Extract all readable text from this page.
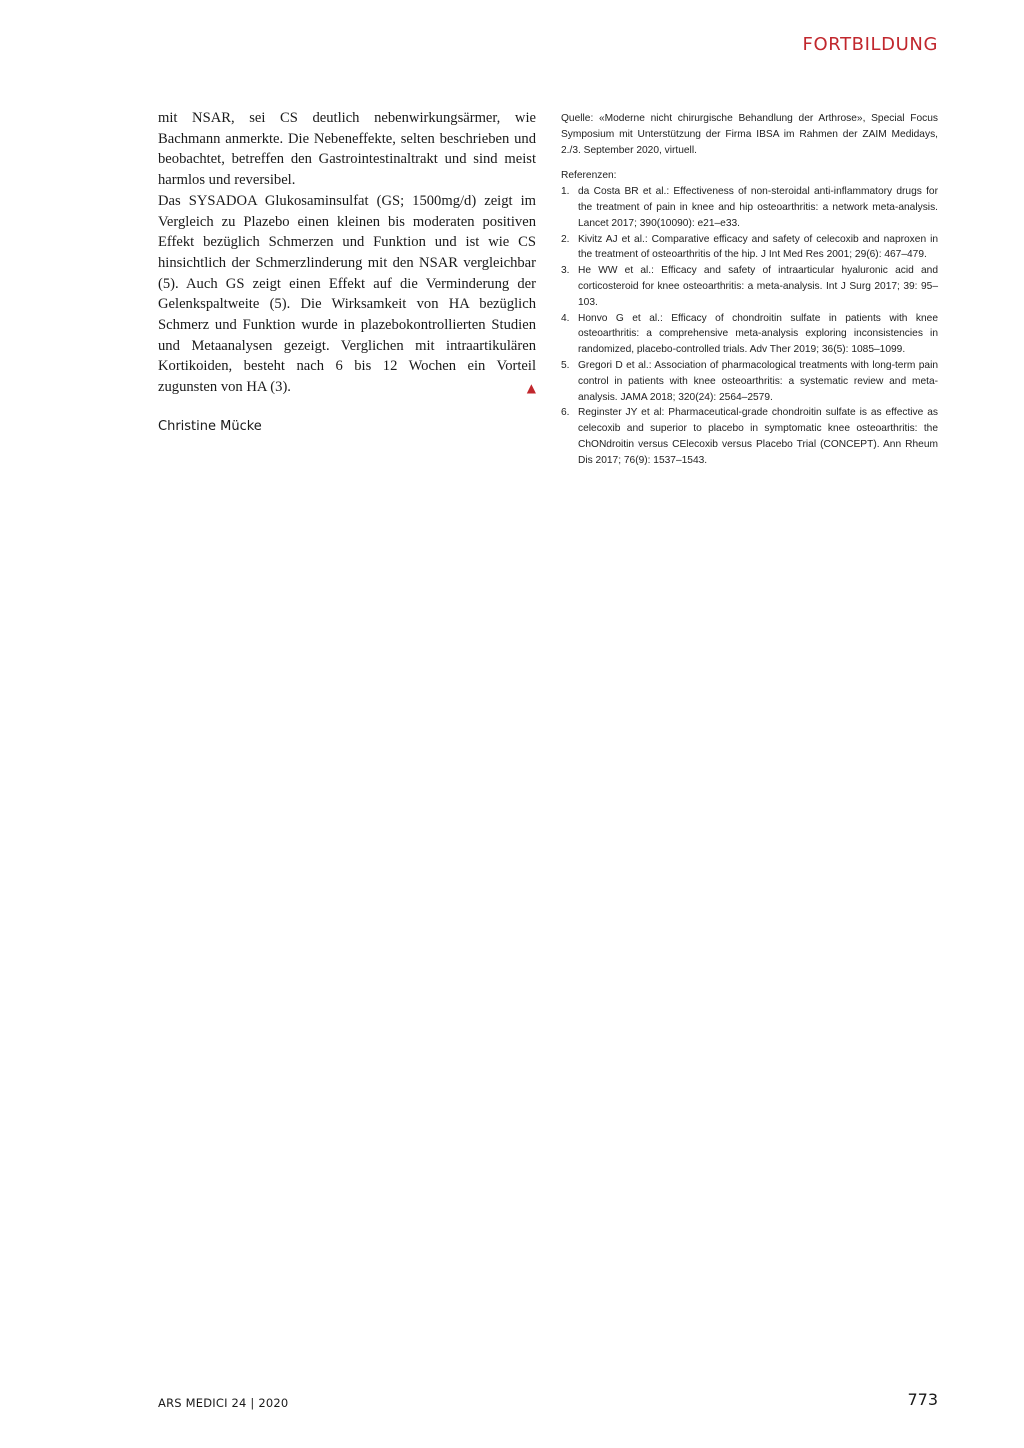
FORTBILDUNG

mit NSAR, sei CS deutlich nebenwirkungsärmer, wie Bachmann anmerkte. Die Nebeneffekte, selten beschrieben und beobachtet, betreffen den Gastrointestinaltrakt und sind meist harmlos und reversibel.

Das SYSADOA Glukosaminsulfat (GS; 1500mg/d) zeigt im Vergleich zu Plazebo einen kleinen bis moderaten positiven Effekt bezüglich Schmerzen und Funktion und ist wie CS hinsichtlich der Schmerzlinderung mit den NSAR vergleichbar (5). Auch GS zeigt einen Effekt auf die Verminderung der Gelenkspaltweite (5). Die Wirksamkeit von HA bezüglich Schmerz und Funktion wurde in plazebokontrollierten Studien und Metaanalysen gezeigt. Verglichen mit intraartikulären Kortikoiden, besteht nach 6 bis 12 Wochen ein Vorteil zugunsten von HA (3).	▲

Christine Mücke

Quelle: «Moderne nicht chirurgische Behandlung der Arthrose», Special Focus Symposium mit Unterstützung der Firma IBSA im Rahmen der ZAIM Medidays, 2./3. September 2020, virtuell.

Referenzen:

1. da Costa BR et al.: Effectiveness of non-steroidal anti-inflammatory drugs for the treatment of pain in knee and hip osteoarthritis: a network meta-analysis. Lancet 2017; 390(10090): e21–e33.
2. Kivitz AJ et al.: Comparative efficacy and safety of celecoxib and naproxen in the treatment of osteoarthritis of the hip. J Int Med Res 2001; 29(6): 467–479.
3. He WW et al.: Efficacy and safety of intraarticular hyaluronic acid and corticosteroid for knee osteoarthritis: a meta-analysis. Int J Surg 2017; 39: 95–103.
4. Honvo G et al.: Efficacy of chondroitin sulfate in patients with knee osteoarthritis: a comprehensive meta-analysis exploring inconsistencies in randomized, placebo-controlled trials. Adv Ther 2019; 36(5): 1085–1099.
5. Gregori D et al.: Association of pharmacological treatments with long-term pain control in patients with knee osteoarthritis: a systematic review and meta-analysis. JAMA 2018; 320(24): 2564–2579.
6. Reginster JY et al: Pharmaceutical-grade chondroitin sulfate is as effective as celecoxib and superior to placebo in symptomatic knee osteoarthritis: the ChONdroitin versus CElecoxib versus Placebo Trial (CONCEPT). Ann Rheum Dis 2017; 76(9): 1537–1543.
ARS MEDICI 24 | 2020	773
